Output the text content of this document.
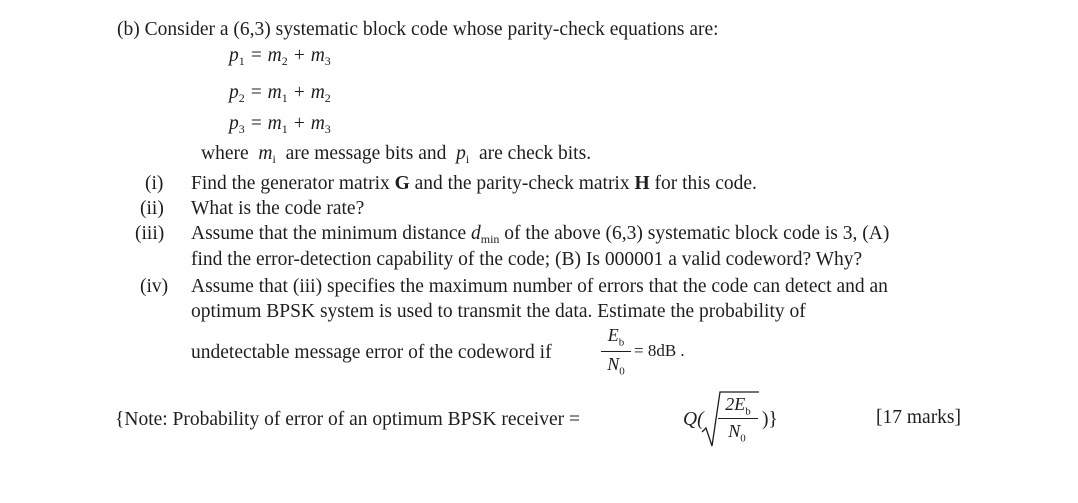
(b) Consider a (6,3) systematic block code whose parity-check equations are:
$p_1 = m_2 + m_3$
$p_2 = m_1 + m_2$
$p_3 = m_1 + m_3$
where $m_i$ are message bits and $p_i$ are check bits.
(i) Find the generator matrix G and the parity-check matrix H for this code.
(ii) What is the code rate?
(iii) Assume that the minimum distance $d_{min}$ of the above (6,3) systematic block code is 3, (A)
find the error-detection capability of the code; (B) Is 000001 a valid codeword? Why?
(iv) Assume that (iii) specifies the maximum number of errors that the code can detect and an
optimum BPSK system is used to transmit the data. Estimate the probability of
undetectable message error of the codeword if
$E_b$
$N_0$
= 8dB .
{Note: Probability of error of an optimum BPSK receiver =	Q(
$2E_b$
$N_0$
)}	[17 marks]
